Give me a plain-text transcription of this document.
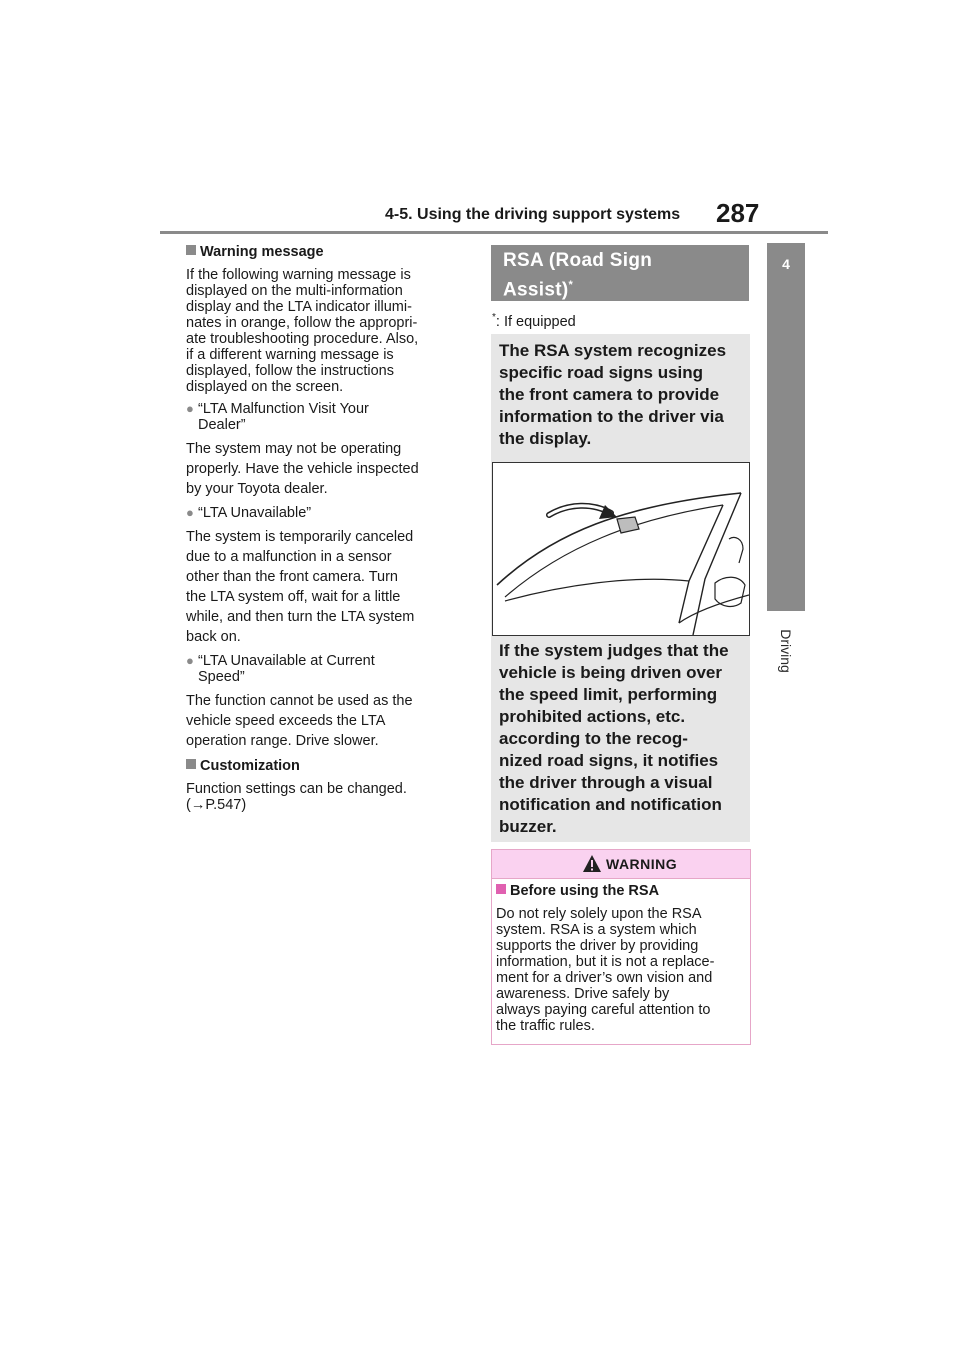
4-5. Using the driving support systems 287
4
Driving

Warning message

If the following warning message is
displayed on the multi-information
display and the LTA indicator illumi-
nates in orange, follow the appropri-
ate troubleshooting procedure. Also,
if a different warning message is
displayed, follow the instructions
displayed on the screen.

● “LTA Malfunction Visit Your
Dealer”

The system may not be operating
properly. Have the vehicle inspected
by your Toyota dealer.

● “LTA Unavailable”

The system is temporarily canceled
due to a malfunction in a sensor
other than the front camera. Turn
the LTA system off, wait for a little
while, and then turn the LTA system
back on.

● “LTA Unavailable at Current
Speed”

The function cannot be used as the
vehicle speed exceeds the LTA
operation range. Drive slower.

Customization

Function settings can be changed.
(→P.547)

RSA (Road Sign
Assist)*
*: If equipped

The RSA system recognizes
specific road signs using
the front camera to provide
information to the driver via
the display.

If the system judges that the
vehicle is being driven over
the speed limit, performing
prohibited actions, etc.
according to the recog-
nized road signs, it notifies
the driver through a visual
notification and notification
buzzer.

WARNING
Before using the RSA

Do not rely solely upon the RSA
system. RSA is a system which
supports the driver by providing
information, but it is not a replace-
ment for a driver’s own vision and
awareness. Drive safely by
always paying careful attention to
the traffic rules.
